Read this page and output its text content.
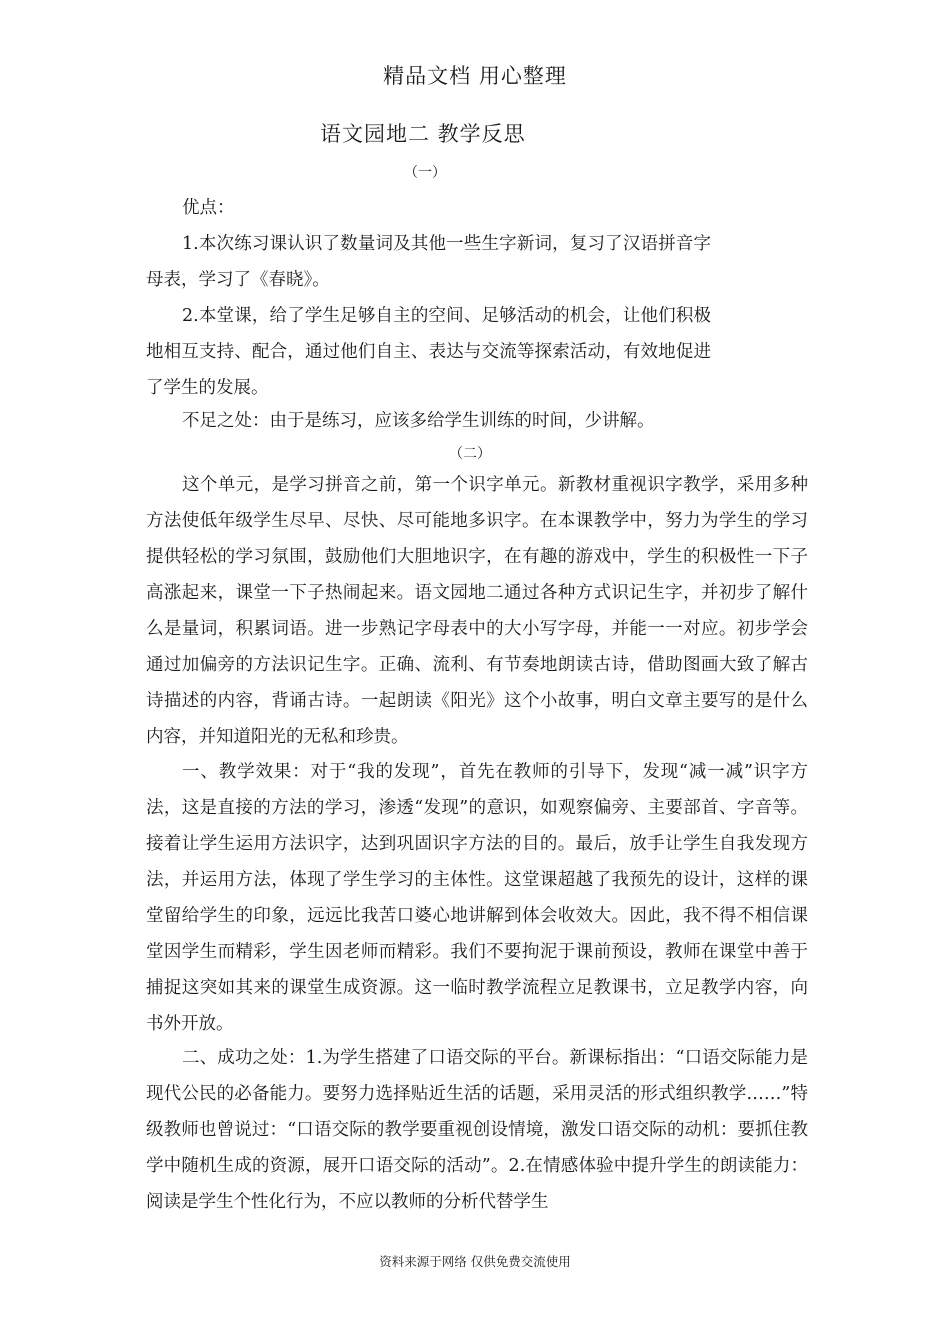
精品文档 用心整理
语文园地二 教学反思
（一）

优点：

1.本次练习课认识了数量词及其他一些生字新词，复习了汉语拼音字母表，学习了《春晓》。

2.本堂课，给了学生足够自主的空间、足够活动的机会，让他们积极地相互支持、配合，通过他们自主、表达与交流等探索活动，有效地促进了学生的发展。

不足之处：由于是练习，应该多给学生训练的时间，少讲解。

（二）

这个单元，是学习拼音之前，第一个识字单元。新教材重视识字教学，采用多种方法使低年级学生尽早、尽快、尽可能地多识字。在本课教学中，努力为学生的学习提供轻松的学习氛围，鼓励他们大胆地识字，在有趣的游戏中，学生的积极性一下子高涨起来，课堂一下子热闹起来。语文园地二通过各种方式识记生字，并初步了解什么是量词，积累词语。进一步熟记字母表中的大小写字母，并能一一对应。初步学会通过加偏旁的方法识记生字。正确、流利、有节奏地朗读古诗，借助图画大致了解古诗描述的内容，背诵古诗。一起朗读《阳光》这个小故事，明白文章主要写的是什么内容，并知道阳光的无私和珍贵。

一、教学效果：对于“我的发现”，首先在教师的引导下，发现“减一减”识字方法，这是直接的方法的学习，渗透“发现”的意识，如观察偏旁、主要部首、字音等。接着让学生运用方法识字，达到巩固识字方法的目的。最后，放手让学生自我发现方法，并运用方法，体现了学生学习的主体性。这堂课超越了我预先的设计，这样的课堂留给学生的印象，远远比我苦口婆心地讲解到体会收效大。因此，我不得不相信课堂因学生而精彩，学生因老师而精彩。我们不要拘泥于课前预设，教师在课堂中善于捕捉这突如其来的课堂生成资源。这一临时教学流程立足教课书，立足教学内容，向书外开放。

二、成功之处：1.为学生搭建了口语交际的平台。新课标指出：“口语交际能力是现代公民的必备能力。要努力选择贴近生活的话题，采用灵活的形式组织教学……”特级教师也曾说过：“口语交际的教学要重视创设情境，激发口语交际的动机：要抓住教学中随机生成的资源，展开口语交际的活动”。2.在情感体验中提升学生的朗读能力：阅读是学生个性化行为，不应以教师的分析代替学生

资料来源于网络 仅供免费交流使用
